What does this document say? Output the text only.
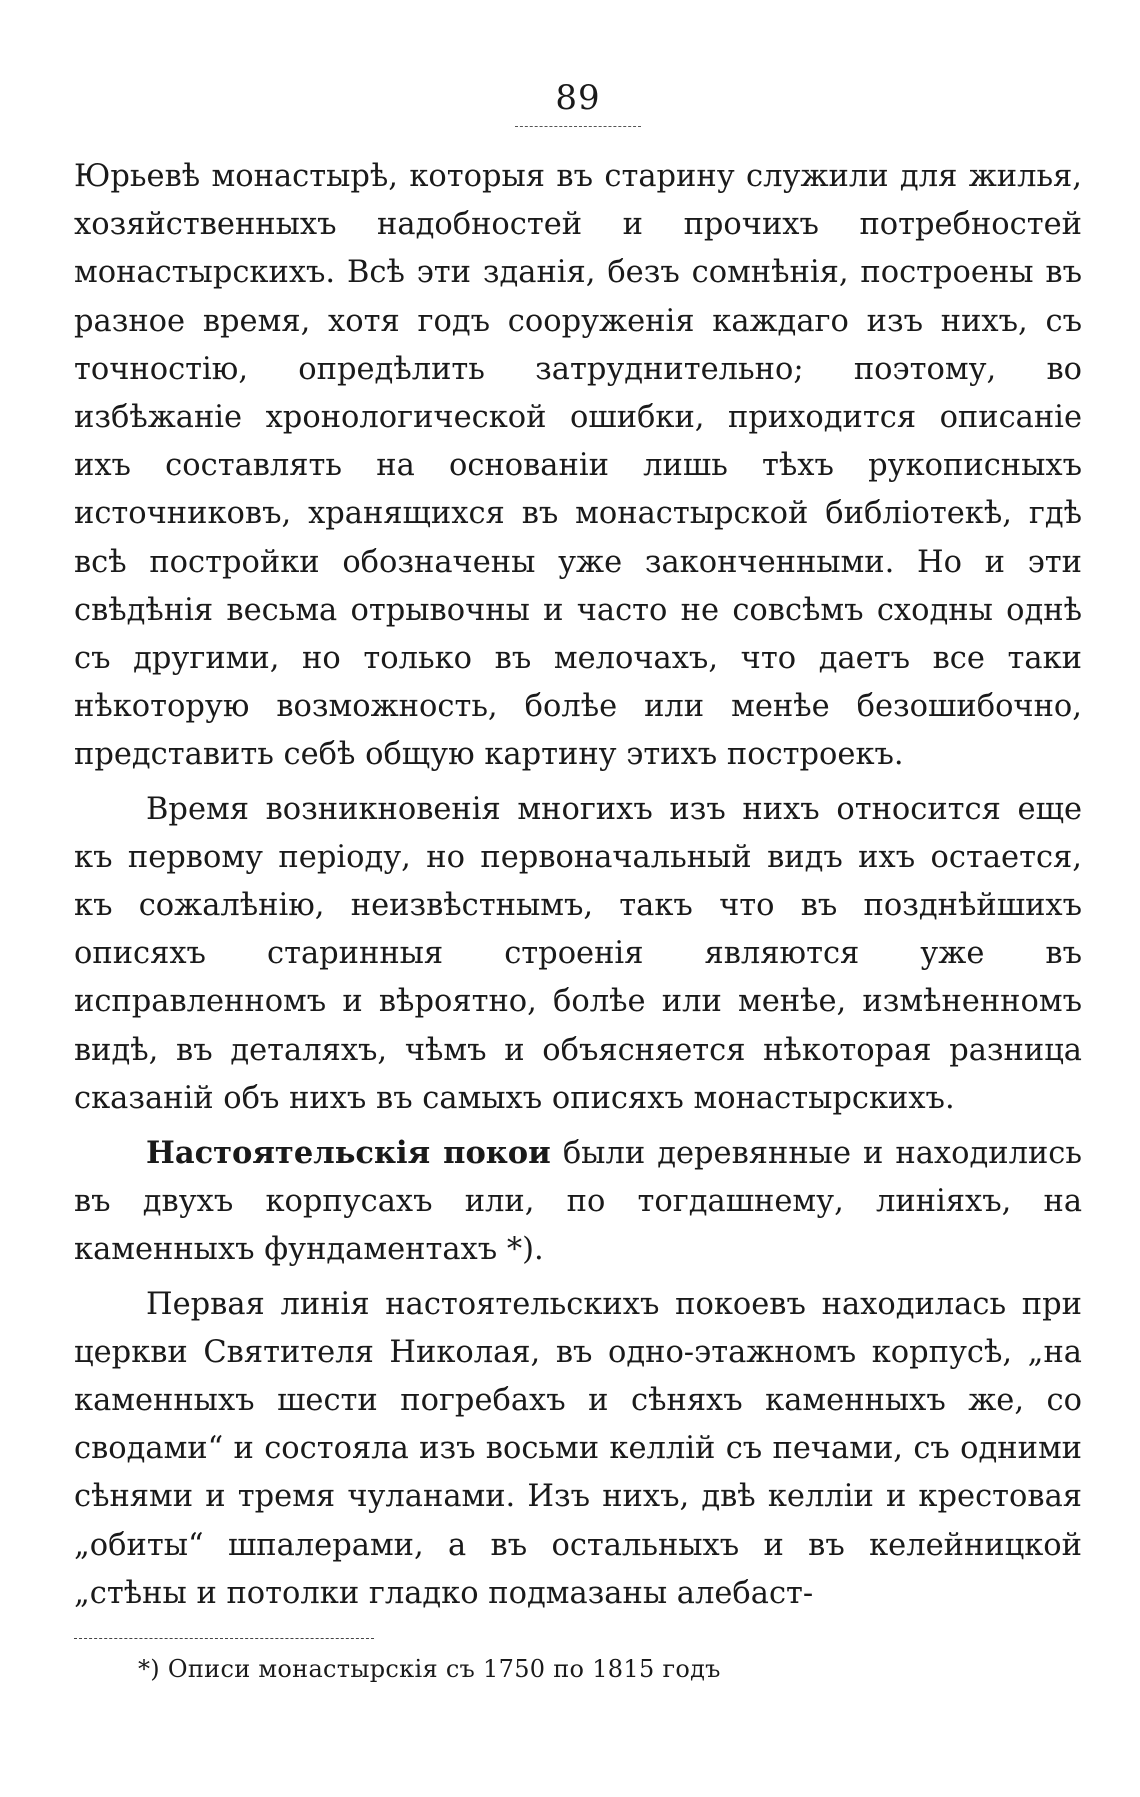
89

Юрьевѣ монастырѣ, которыя въ старину служили для жилья, хозяйственныхъ надобностей и прочихъ потребностей монастырскихъ. Всѣ эти зданія, безъ сомнѣнія, построены въ разное время, хотя годъ сооруженія каждаго изъ нихъ, съ точностію, опредѣлить затруднительно; поэтому, во избѣжаніе хронологической ошибки, приходится описаніе ихъ составлять на основаніи лишь тѣхъ рукописныхъ источниковъ, хранящихся въ монастырской библіотекѣ, гдѣ всѣ постройки обозначены уже законченными. Но и эти свѣдѣнія весьма отрывочны и часто не совсѣмъ сходны однѣ съ другими, но только въ мелочахъ, что даетъ все таки нѣкоторую возможность, болѣе или менѣе безошибочно, представить себѣ общую картину этихъ построекъ.

Время возникновенія многихъ изъ нихъ относится еще къ первому періоду, но первоначальный видъ ихъ остается, къ сожалѣнію, неизвѣстнымъ, такъ что въ позднѣйшихъ описяхъ старинныя строенія являются уже въ исправленномъ и вѣроятно, болѣе или менѣе, измѣненномъ видѣ, въ деталяхъ, чѣмъ и объясняется нѣкоторая разница сказаній объ нихъ въ самыхъ описяхъ монастырскихъ.

Настоятельскія покои были деревянные и находились въ двухъ корпусахъ или, по тогдашнему, линіяхъ, на каменныхъ фундаментахъ *).

Первая линія настоятельскихъ покоевъ находилась при церкви Святителя Николая, въ одно-этажномъ корпусѣ, „на каменныхъ шести погребахъ и сѣняхъ каменныхъ же, со сводами“ и состояла изъ восьми келлій съ печами, съ одними сѣнями и тремя чуланами. Изъ нихъ, двѣ келліи и крестовая „обиты“ шпалерами, а въ остальныхъ и въ келейницкой „стѣны и потолки гладко подмазаны алебаст-

*) Описи монастырскія съ 1750 по 1815 годъ
